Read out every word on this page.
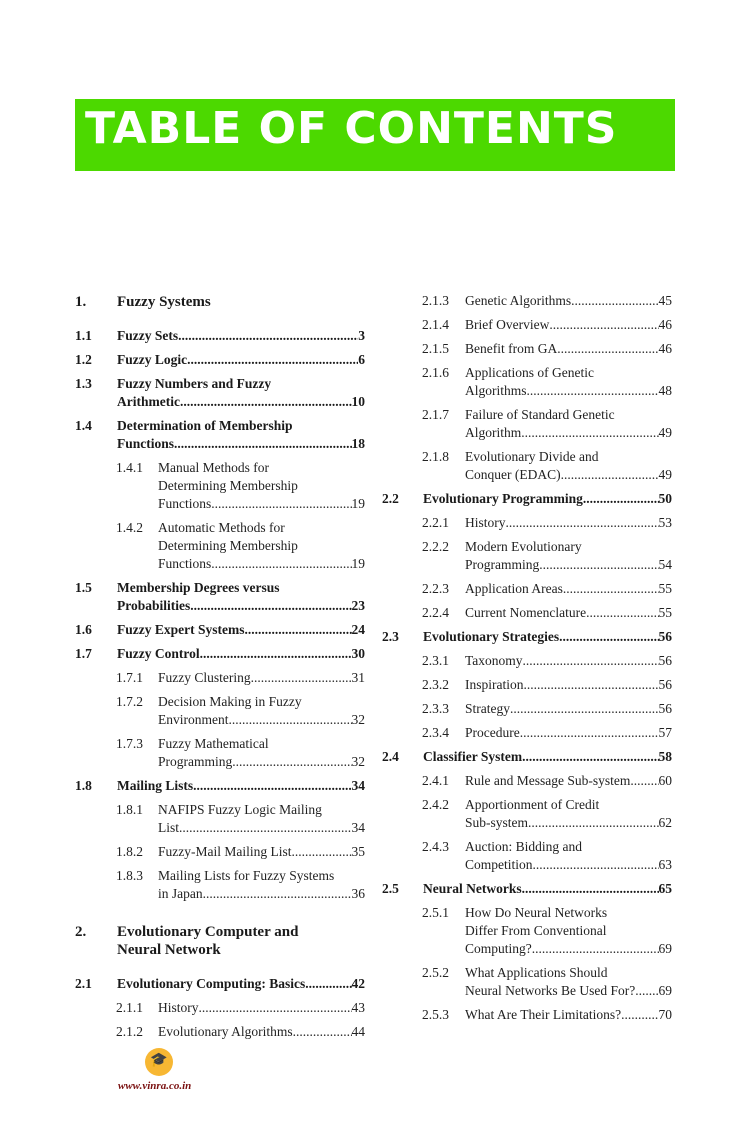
TABLE OF CONTENTS
1. Fuzzy Systems
1.1 Fuzzy Sets .....	3
1.2 Fuzzy Logic .....	6
1.3 Fuzzy Numbers and Fuzzy
Arithmetic .....	10
1.4 Determination of Membership
Functions .....	18
1.4.1 Manual Methods for
Determining Membership
Functions .....	19
1.4.2 Automatic Methods for
Determining Membership
Functions .....	19
1.5 Membership Degrees versus
Probabilities .....	23
1.6 Fuzzy Expert Systems .....	24
1.7 Fuzzy Control .....	30
1.7.1 Fuzzy Clustering .....	31
1.7.2 Decision Making in Fuzzy
Environment .....	32
1.7.3 Fuzzy Mathematical
Programming .....	32
1.8 Mailing Lists .....	34
1.8.1 NAFIPS Fuzzy Logic Mailing
List .....	34
1.8.2 Fuzzy-Mail Mailing List .....	35
1.8.3 Mailing Lists for Fuzzy Systems
in Japan .....	36
2. Evolutionary Computer and
Neural Network
2.1 Evolutionary Computing: Basics .....	42
2.1.1 History .....	43
2.1.2 Evolutionary Algorithms .....	44
2.1.3 Genetic Algorithms .....	45
2.1.4 Brief Overview .....	46
2.1.5 Benefit from GA .....	46
2.1.6 Applications of Genetic
Algorithms .....	48
2.1.7 Failure of Standard Genetic
Algorithm .....	49
2.1.8 Evolutionary Divide and
Conquer (EDAC) .....	49
2.2 Evolutionary Programming .....	50
2.2.1 History .....	53
2.2.2 Modern Evolutionary
Programming .....	54
2.2.3 Application Areas .....	55
2.2.4 Current Nomenclature .....	55
2.3 Evolutionary Strategies .....	56
2.3.1 Taxonomy .....	56
2.3.2 Inspiration .....	56
2.3.3 Strategy .....	56
2.3.4 Procedure .....	57
2.4 Classifier System .....	58
2.4.1 Rule and Message Sub-system ..... 60
2.4.2 Apportionment of Credit
Sub-system .....	62
2.4.3 Auction: Bidding and
Competition .....	63
2.5 Neural Networks .....	65
2.5.1 How Do Neural Networks
Differ From Conventional
Computing? .....	69
2.5.2 What Applications Should
Neural Networks Be Used For? ..... 69
2.5.3 What Are Their Limitations? .....	70
🎓
www.vinra.co.in
